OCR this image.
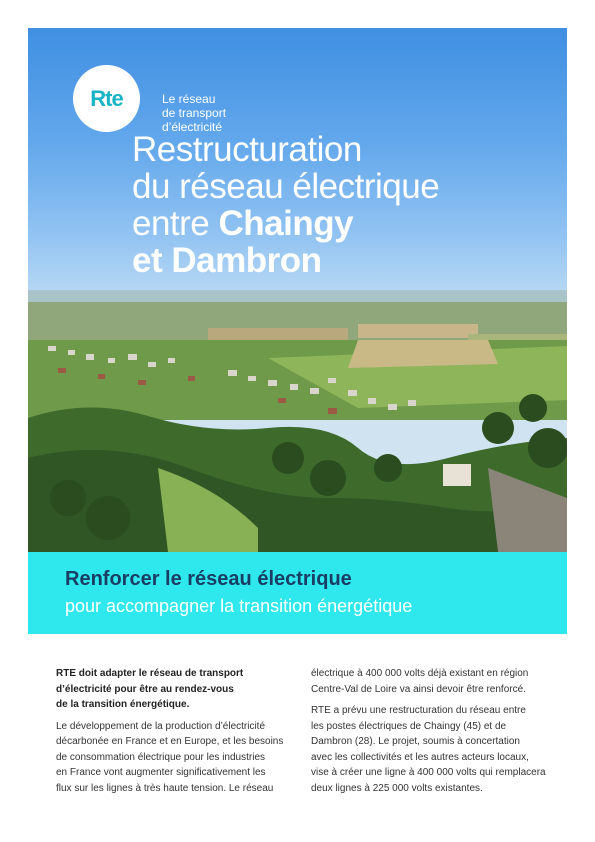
Rte	Le réseau
de transport
d’électricité
Restructuration
du réseau électrique
entre Chaingy
et Dambron
Renforcer le réseau électrique
pour accompagner la transition énergétique

RTE doit adapter le réseau de transport
d’électricité pour être au rendez-vous
de la transition énergétique.

Le développement de la production d’électricité
décarbonée en France et en Europe, et les besoins
de consommation électrique pour les industries
en France vont augmenter significativement les
flux sur les lignes à très haute tension. Le réseau

électrique à 400 000 volts déjà existant en région
Centre-Val de Loire va ainsi devoir être renforcé.

RTE a prévu une restructuration du réseau entre
les postes électriques de Chaingy (45) et de
Dambron (28). Le projet, soumis à concertation
avec les collectivités et les autres acteurs locaux,
vise à créer une ligne à 400 000 volts qui remplacera
deux lignes à 225 000 volts existantes.
